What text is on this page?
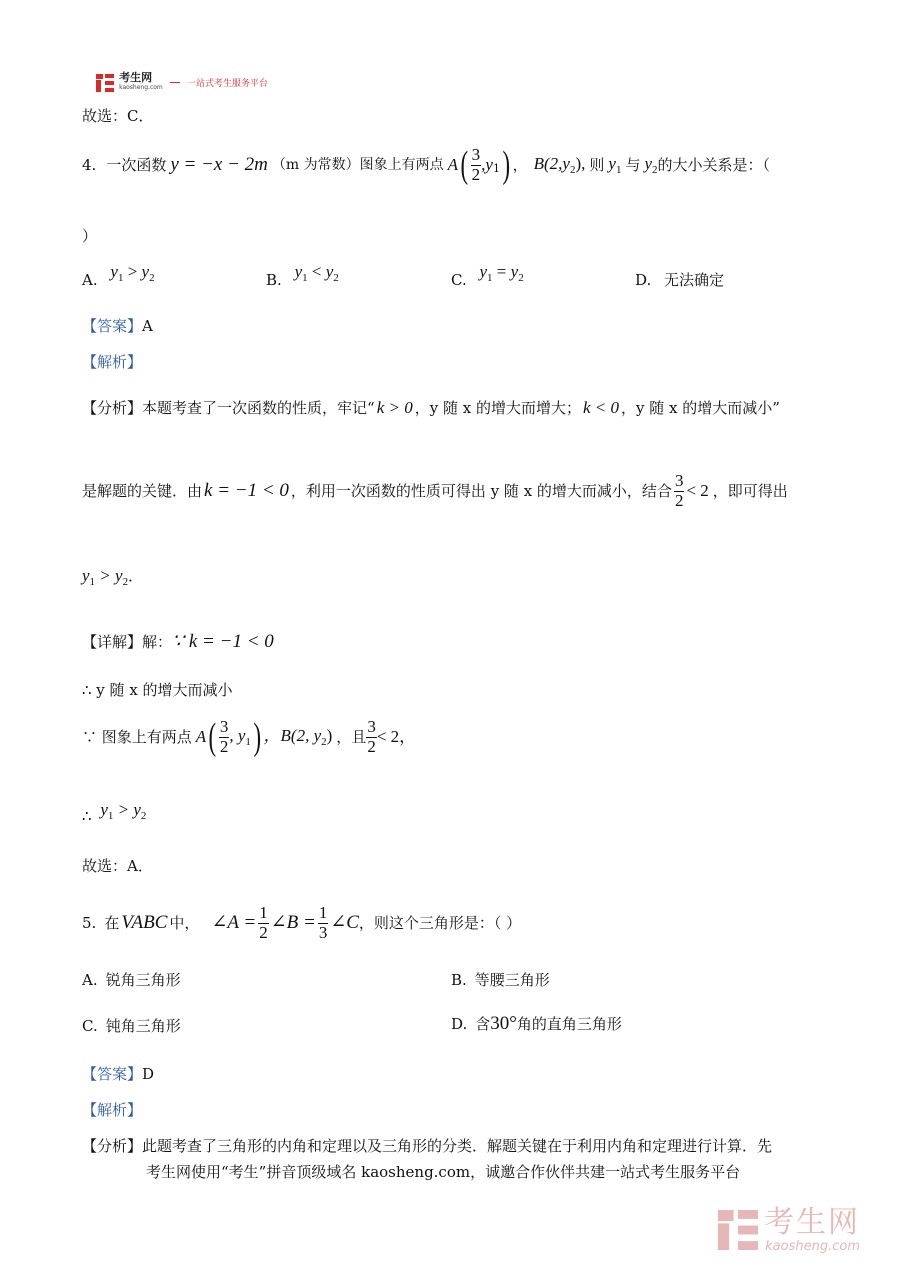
考生网
kaosheng.com	一站式考生服务平台
故选：C．
4. 一次函数 y = −x − 2m （m 为常数）图象上有两点 A ( $\frac{3}{2}$ , y 1 ) ， $B(2,y_2)$, 则 $y_1$ 与 $y_2$ 的大小关系是：（
）
A. $y_1 > y_2$	B. $y_1 < y_2$	C. $y_1 = y_2$	D. 无法确定
【答案】A
【解析】
【分析】 本题考查了一次函数的性质，牢记“ k > 0 ，y 随 x 的增大而增大； k < 0 ，y 随 x 的增大而减小”
是解题的关键．由 k = −1 < 0 ，利用一次函数的性质可得出 y 随 x 的增大而减小，结合 $\frac{3}{2} < 2$ ，即可得出
$y_1 > y_2$．
【详解】解：∵ k = −1 < 0
∴ y 随 x 的增大而减小
∵ 图象上有两点 A ( $\frac{3}{2}$ , $y_1$ ) ，B(2, $y_2$) ，且 $\frac{3}{2} < 2$，
∴ $y_1 > y_2$
故选：A．
5. 在 VABC 中， ∠A = $\frac{1}{2}$ ∠B = $\frac{1}{3}$ ∠C ，则这个三角形是：（ ）
A. 锐角三角形	B. 等腰三角形
C. 钝角三角形	D. 含30°角的直角三角形
【答案】D
【解析】
【分析】此题考查了三角形的内角和定理以及三角形的分类．解题关键在于利用内角和定理进行计算．先
考生网使用“考生”拼音顶级域名 kaosheng.com，诚邀合作伙伴共建一站式考生服务平台
考生网
kaosheng.com
